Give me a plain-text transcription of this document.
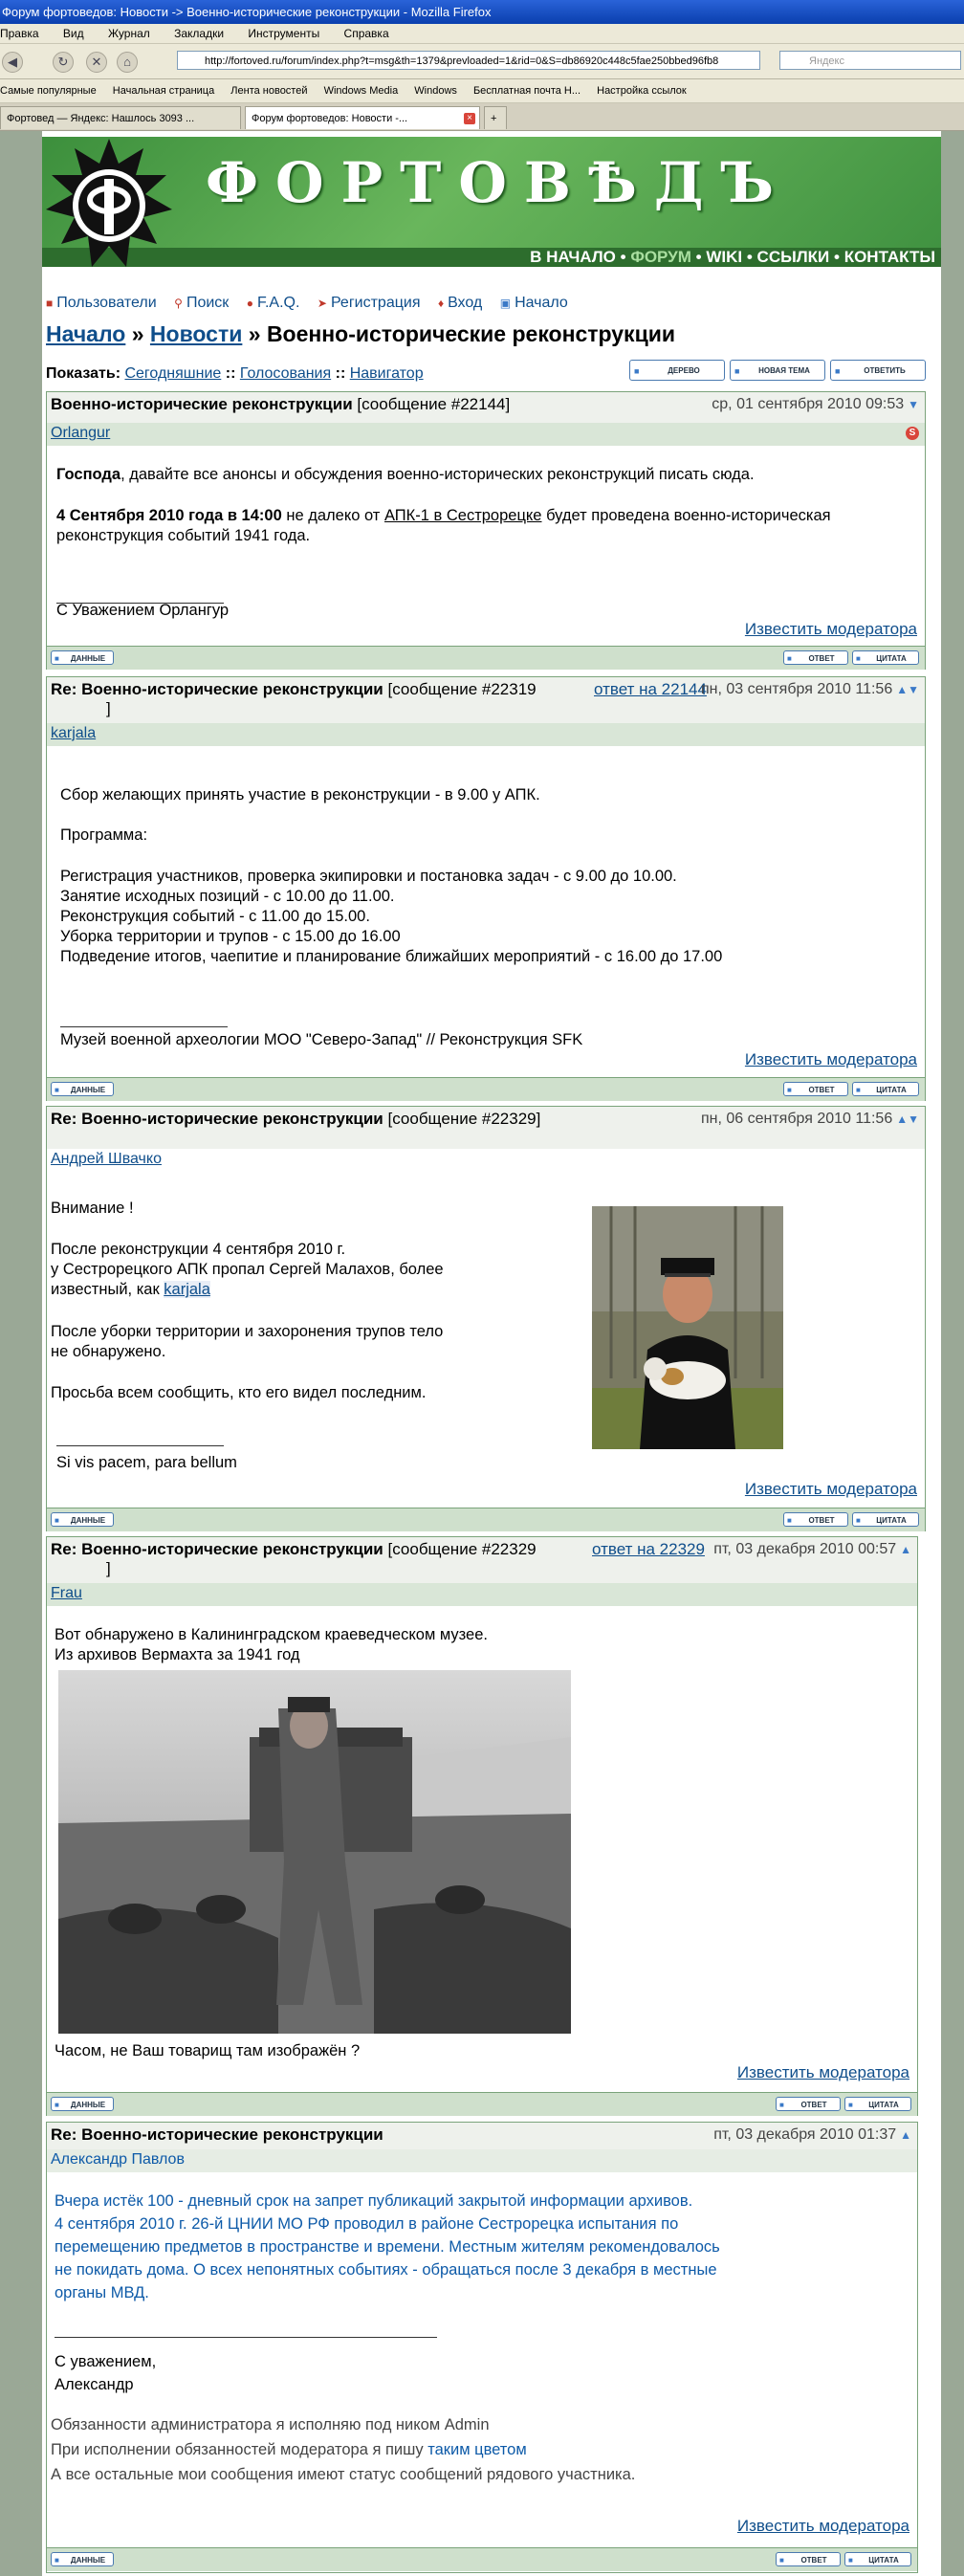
Форум фортоведов: Новости -> Военно-исторические реконструкции - Mozilla Firefox
Правка Вид Журнал Закладки Инструменты Справка
◀	↻	✕	⌂	http://fortoved.ru/forum/index.php?t=msg&th=1379&prevloaded=1&rid=0&S=db86920c448c5fae250bbed96fb8	Яндекс
Самые популярные Начальная страница Лента новостей Windows Media Windows Бесплатная почта Н... Настройка ссылок
Фортовед — Яндекс: Нашлось 3093 ...	Форум фортоведов: Новости -...	×	+
ФОРТОВѢДЪ
В НАЧАЛО • ФОРУМ • WIKI • ССЫЛКИ • КОНТАКТЫ
■ Пользователи ⚲ Поиск ● F.A.Q. ➤ Регистрация ♦ Вход ▣ Начало
Начало » Новости » Военно-исторические реконструкции
Показать: Сегодняшние :: Голосования :: Навигатор	■ ДЕРЕВО	■ НОВАЯ ТЕМА	■ ОТВЕТИТЬ
Военно-исторические реконструкции [сообщение #22144]	ср, 01 сентября 2010 09:53 ▼
Orlangur	S
Господа, давайте все анонсы и обсуждения военно-исторических реконструкций писать сюда.
4 Сентября 2010 года в 14:00 не далеко от АПК-1 в Сестрорецке будет проведена военно-историческая
реконструкция событий 1941 года.
С Уважением Орлангур
Известить модератора
■ ДАННЫЕ	■ ОТВЕТ	■ ЦИТАТА
Re: Военно-исторические реконструкции [сообщение #22319	ответ на 22144
]
пн, 03 сентября 2010 11:56 ▲▼
karjala
Сбор желающих принять участие в реконструкции - в 9.00 у АПК.
Программа:
Регистрация участников, проверка экипировки и постановка задач - с 9.00 до 10.00.
Занятие исходных позиций - с 10.00 до 11.00.
Реконструкция событий - с 11.00 до 15.00.
Уборка территории и трупов - с 15.00 до 16.00
Подведение итогов, чаепитие и планирование ближайших мероприятий - с 16.00 до 17.00
Музей военной археологии МОО "Северо-Запад" // Реконструкция SFK
Известить модератора
■ ДАННЫЕ	■ ОТВЕТ	■ ЦИТАТА
Re: Военно-исторические реконструкции [сообщение #22329]	пн, 06 сентября 2010 11:56 ▲▼
Андрей Швачко
Внимание !
После реконструкции 4 сентября 2010 г.
у Сестрорецкого АПК пропал Сергей Малахов, более
известный, как karjala
После уборки территории и захоронения трупов тело
не обнаружено.
Просьба всем сообщить, кто его видел последним.
Si vis pacem, para bellum
Известить модератора
■ ДАННЫЕ	■ ОТВЕТ	■ ЦИТАТА
Re: Военно-исторические реконструкции [сообщение #22329	ответ на 22329
]
пт, 03 декабря 2010 00:57 ▲
Frau
Вот обнаружено в Калининградском краеведческом музее.
Из архивов Вермахта за 1941 год
Часом, не Ваш товарищ там изображён ?
Известить модератора
■ ДАННЫЕ	■ ОТВЕТ	■ ЦИТАТА
Re: Военно-исторические реконструкции	пт, 03 декабря 2010 01:37 ▲
Александр Павлов
Вчера истёк 100 - дневный срок на запрет публикаций закрытой информации архивов.
4 сентября 2010 г. 26-й ЦНИИ МО РФ проводил в районе Сестрорецка испытания по
перемещению предметов в пространстве и времени. Местным жителям рекомендовалось
не покидать дома. О всех непонятных событиях - обращаться после 3 декабря в местные
органы МВД.
С уважением,
Александр
Обязанности администратора я исполняю под ником Admin
При исполнении обязанностей модератора я пишу таким цветом
А все остальные мои сообщения имеют статус сообщений рядового участника.
Известить модератора
■ ДАННЫЕ	■ ОТВЕТ	■ ЦИТАТА
